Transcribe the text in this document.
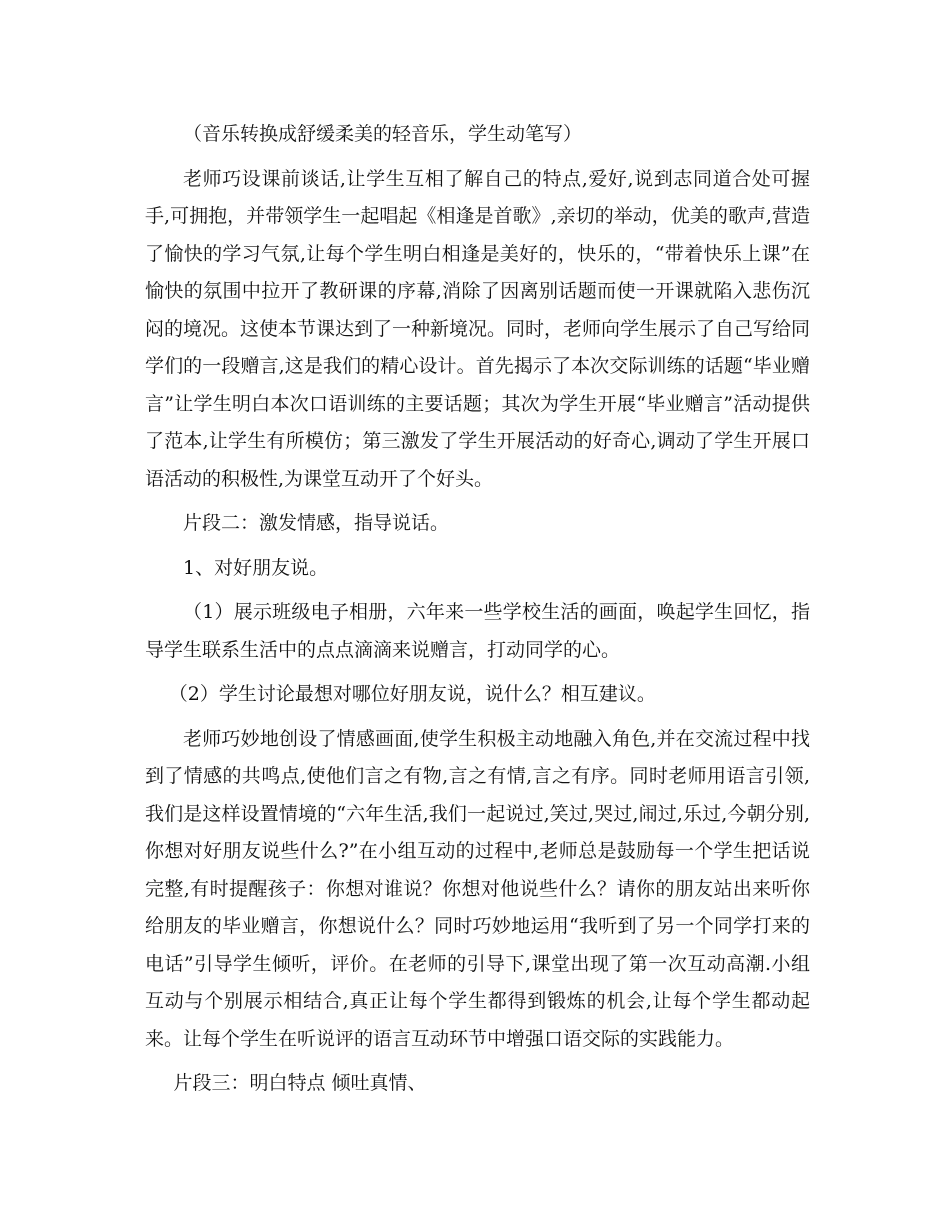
（音乐转换成舒缓柔美的轻音乐，学生动笔写）

老师巧设课前谈话,让学生互相了解自己的特点,爱好,说到志同道合处可握手,可拥抱，并带领学生一起唱起《相逢是首歌》,亲切的举动，优美的歌声,营造了愉快的学习气氛,让每个学生明白相逢是美好的，快乐的，“带着快乐上课”在愉快的氛围中拉开了教研课的序幕,消除了因离别话题而使一开课就陷入悲伤沉闷的境况。这使本节课达到了一种新境况。同时，老师向学生展示了自己写给同学们的一段赠言,这是我们的精心设计。首先揭示了本次交际训练的话题“毕业赠言”让学生明白本次口语训练的主要话题；其次为学生开展“毕业赠言”活动提供了范本,让学生有所模仿；第三激发了学生开展活动的好奇心,调动了学生开展口语活动的积极性,为课堂互动开了个好头。

片段二：激发情感，指导说话。

1、对好朋友说。

（1）展示班级电子相册，六年来一些学校生活的画面，唤起学生回忆，指导学生联系生活中的点点滴滴来说赠言，打动同学的心。

（2）学生讨论最想对哪位好朋友说，说什么？相互建议。

老师巧妙地创设了情感画面,使学生积极主动地融入角色,并在交流过程中找到了情感的共鸣点,使他们言之有物,言之有情,言之有序。同时老师用语言引领,我们是这样设置情境的“六年生活,我们一起说过,笑过,哭过,闹过,乐过,今朝分别,你想对好朋友说些什么?”在小组互动的过程中,老师总是鼓励每一个学生把话说完整,有时提醒孩子：你想对谁说？你想对他说些什么？请你的朋友站出来听你给朋友的毕业赠言，你想说什么？同时巧妙地运用“我听到了另一个同学打来的电话”引导学生倾听，评价。在老师的引导下,课堂出现了第一次互动高潮.小组互动与个别展示相结合,真正让每个学生都得到锻炼的机会,让每个学生都动起来。让每个学生在听说评的语言互动环节中增强口语交际的实践能力。

片段三：明白特点 倾吐真情、
